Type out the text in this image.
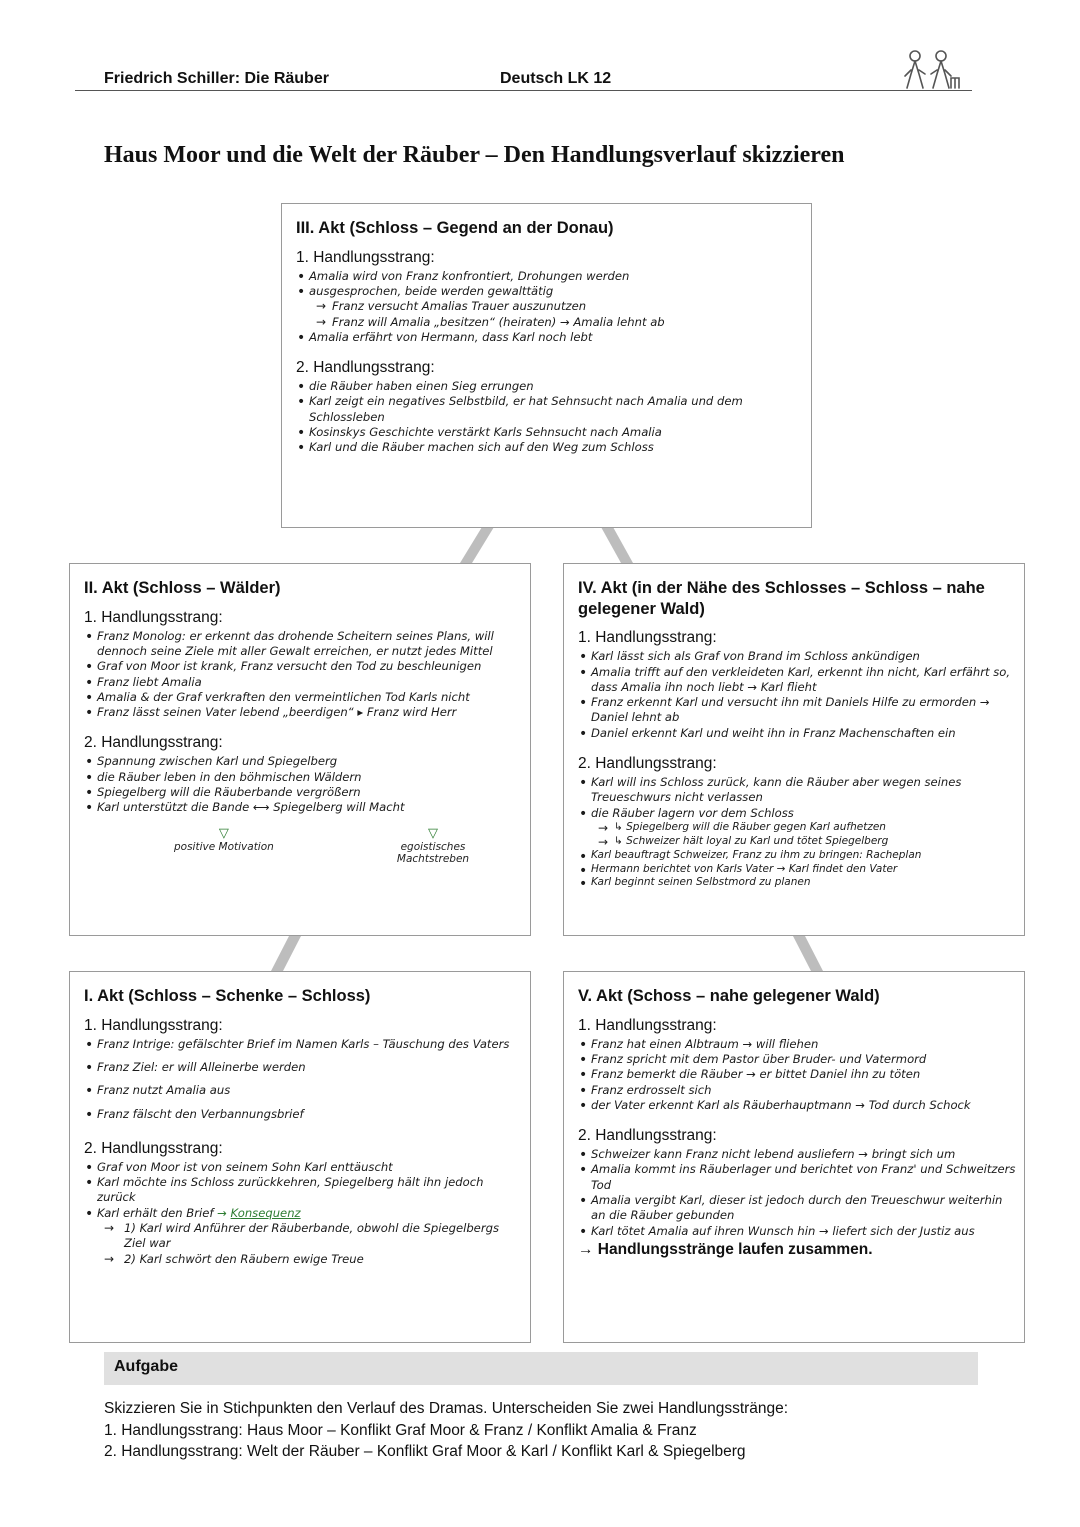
Friedrich Schiller: Die Räuber	Deutsch LK 12
Haus Moor und die Welt der Räuber – Den Handlungsverlauf skizzieren
III. Akt (Schloss – Gegend an der Donau)
1. Handlungsstrang:
• Amalia wird von Franz konfrontiert, Drohungen werden
• ausgesprochen, beide werden gewalttätig
→ Franz versucht Amalias Trauer auszunutzen
→ Franz will Amalia „besitzen“ (heiraten) → Amalia lehnt ab
• Amalia erfährt von Hermann, dass Karl noch lebt
2. Handlungsstrang:
• die Räuber haben einen Sieg errungen
• Karl zeigt ein negatives Selbstbild, er hat Sehnsucht nach Amalia und dem Schlossleben
• Kosinskys Geschichte verstärkt Karls Sehnsucht nach Amalia
• Karl und die Räuber machen sich auf den Weg zum Schloss
II. Akt (Schloss – Wälder)
1. Handlungsstrang:
• Franz Monolog: er erkennt das drohende Scheitern seines Plans, will dennoch seine Ziele mit aller Gewalt erreichen, er nutzt jedes Mittel
• Graf von Moor ist krank, Franz versucht den Tod zu beschleunigen
• Franz liebt Amalia
• Amalia & der Graf verkraften den vermeintlichen Tod Karls nicht
• Franz lässt seinen Vater lebend „beerdigen“ ▸ Franz wird Herr
2. Handlungsstrang:
• Spannung zwischen Karl und Spiegelberg
• die Räuber leben in den böhmischen Wäldern
• Spiegelberg will die Räuberbande vergrößern
• Karl unterstützt die Bande ⟷ Spiegelberg will Macht
▽
positive Motivation
▽
egoistisches Machtstreben
IV. Akt (in der Nähe des Schlosses – Schloss – nahe gelegener Wald)
1. Handlungsstrang:
• Karl lässt sich als Graf von Brand im Schloss ankündigen
• Amalia trifft auf den verkleideten Karl, erkennt ihn nicht, Karl erfährt so, dass Amalia ihn noch liebt → Karl flieht
• Franz erkennt Karl und versucht ihn mit Daniels Hilfe zu ermorden → Daniel lehnt ab
• Daniel erkennt Karl und weiht ihn in Franz Machenschaften ein
2. Handlungsstrang:
• Karl will ins Schloss zurück, kann die Räuber aber wegen seines Treueschwurs nicht verlassen
• die Räuber lagern vor dem Schloss
→ ↳ Spiegelberg will die Räuber gegen Karl aufhetzen
→ ↳ Schweizer hält loyal zu Karl und tötet Spiegelberg
• Karl beauftragt Schweizer, Franz zu ihm zu bringen: Racheplan
• Hermann berichtet von Karls Vater → Karl findet den Vater
• Karl beginnt seinen Selbstmord zu planen
I. Akt (Schloss – Schenke – Schloss)
1. Handlungsstrang:
• Franz Intrige: gefälschter Brief im Namen Karls – Täuschung des Vaters
• Franz Ziel: er will Alleinerbe werden
• Franz nutzt Amalia aus
• Franz fälscht den Verbannungsbrief
2. Handlungsstrang:
• Graf von Moor ist von seinem Sohn Karl enttäuscht
• Karl möchte ins Schloss zurückkehren, Spiegelberg hält ihn jedoch zurück
• Karl erhält den Brief → Konsequenz
→ 1) Karl wird Anführer der Räuberbande, obwohl die Spiegelbergs Ziel war
→ 2) Karl schwört den Räubern ewige Treue
V. Akt (Schoss – nahe gelegener Wald)
1. Handlungsstrang:
• Franz hat einen Albtraum → will fliehen
• Franz spricht mit dem Pastor über Bruder- und Vatermord
• Franz bemerkt die Räuber → er bittet Daniel ihn zu töten
• Franz erdrosselt sich
• der Vater erkennt Karl als Räuberhauptmann → Tod durch Schock
2. Handlungsstrang:
• Schweizer kann Franz nicht lebend ausliefern → bringt sich um
• Amalia kommt ins Räuberlager und berichtet von Franz' und Schweitzers Tod
• Amalia vergibt Karl, dieser ist jedoch durch den Treueschwur weiterhin an die Räuber gebunden
• Karl tötet Amalia auf ihren Wunsch hin → liefert sich der Justiz aus
→ Handlungsstränge laufen zusammen.
Aufgabe

Skizzieren Sie in Stichpunkten den Verlauf des Dramas. Unterscheiden Sie zwei Handlungsstränge:

1. Handlungsstrang: Haus Moor – Konflikt Graf Moor & Franz / Konflikt Amalia & Franz

2. Handlungsstrang: Welt der Räuber – Konflikt Graf Moor & Karl / Konflikt Karl & Spiegelberg
